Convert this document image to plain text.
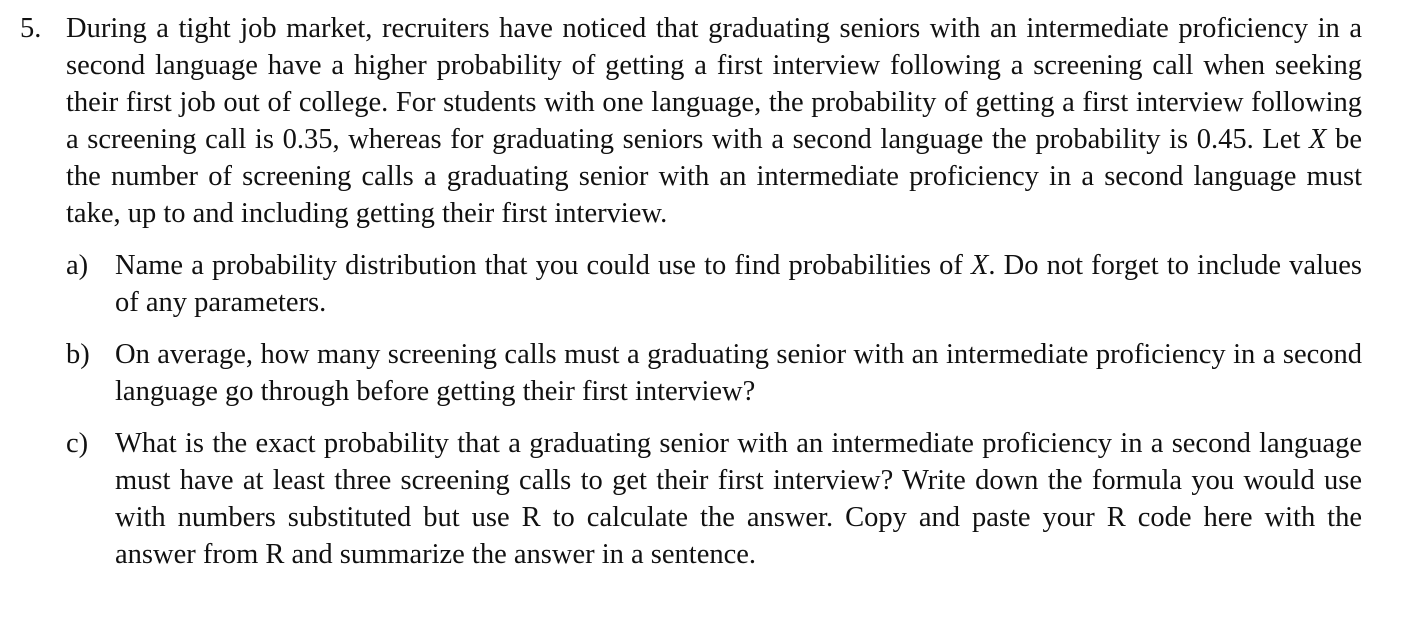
5. During a tight job market, recruiters have noticed that graduating seniors with an intermediate proficiency in a second language have a higher probability of getting a first interview following a screening call when seeking their first job out of college. For students with one language, the probability of getting a first interview following a screening call is 0.35, whereas for graduating seniors with a second language the probability is 0.45. Let X be the number of screening calls a graduating senior with an intermediate proficiency in a second language must take, up to and including getting their first interview.

a) Name a probability distribution that you could use to find probabilities of X. Do not forget to include values of any parameters.
b) On average, how many screening calls must a graduating senior with an intermediate proficiency in a second language go through before getting their first interview?
c) What is the exact probability that a graduating senior with an intermediate proficiency in a second language must have at least three screening calls to get their first interview? Write down the formula you would use with numbers substituted but use R to calculate the answer. Copy and paste your R code here with the answer from R and summarize the answer in a sentence.
